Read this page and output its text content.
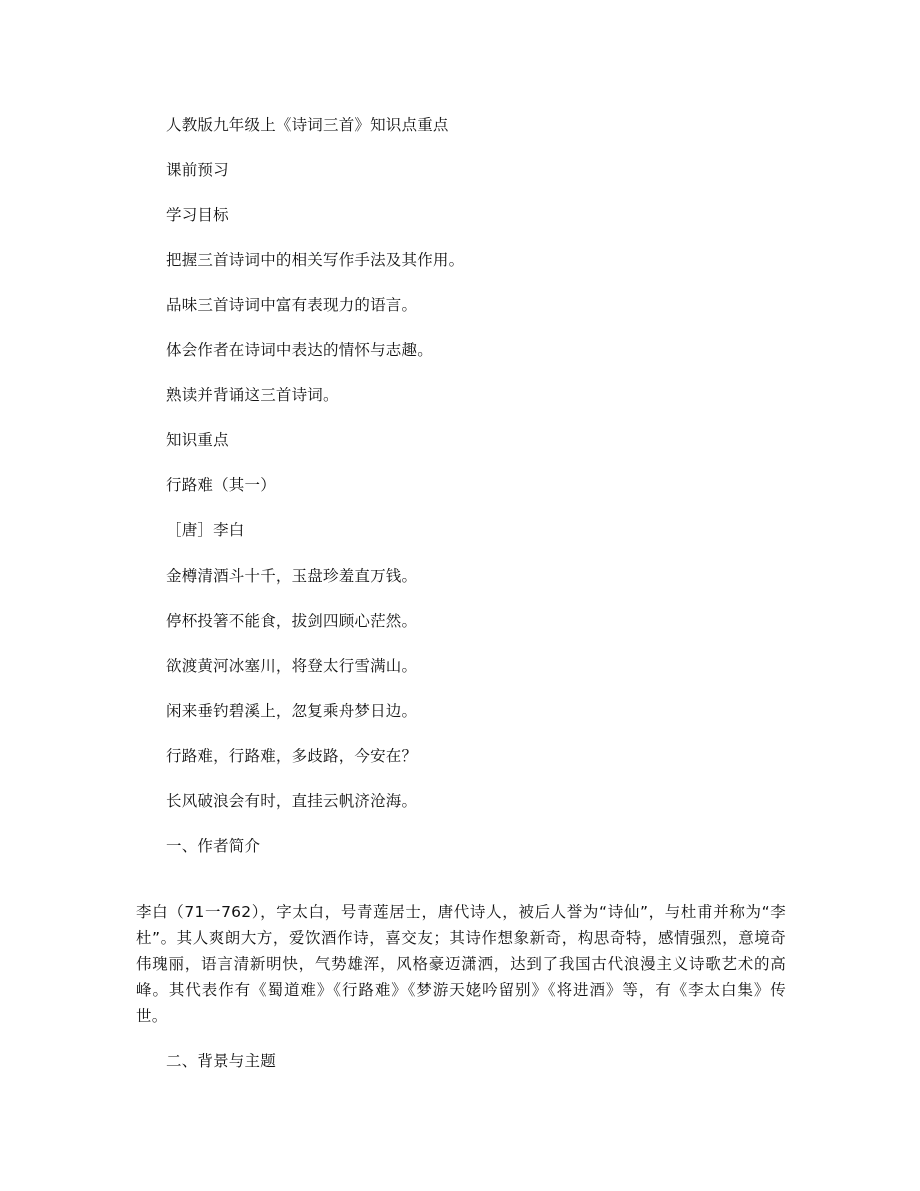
人教版九年级上《诗词三首》知识点重点
课前预习
学习目标
把握三首诗词中的相关写作手法及其作用。
品味三首诗词中富有表现力的语言。
体会作者在诗词中表达的情怀与志趣。
熟读并背诵这三首诗词。
知识重点
行路难（其一）
［唐］李白
金樽清酒斗十千，玉盘珍羞直万钱。
停杯投箸不能食，拔剑四顾心茫然。
欲渡黄河冰塞川，将登太行雪满山。
闲来垂钓碧溪上，忽复乘舟梦日边。
行路难，行路难，多歧路，今安在？
长风破浪会有时，直挂云帆济沧海。
一、作者简介
李白（71一762），字太白，号青莲居士，唐代诗人，被后人誉为“诗仙”，与杜甫并称为“李杜”。其人爽朗大方，爱饮酒作诗，喜交友；其诗作想象新奇，构思奇特，感情强烈，意境奇伟瑰丽，语言清新明快，气势雄浑，风格豪迈潇洒，达到了我国古代浪漫主义诗歌艺术的高峰。其代表作有《蜀道难》《行路难》《梦游天姥吟留别》《将进酒》等，有《李太白集》传世。
二、背景与主题
